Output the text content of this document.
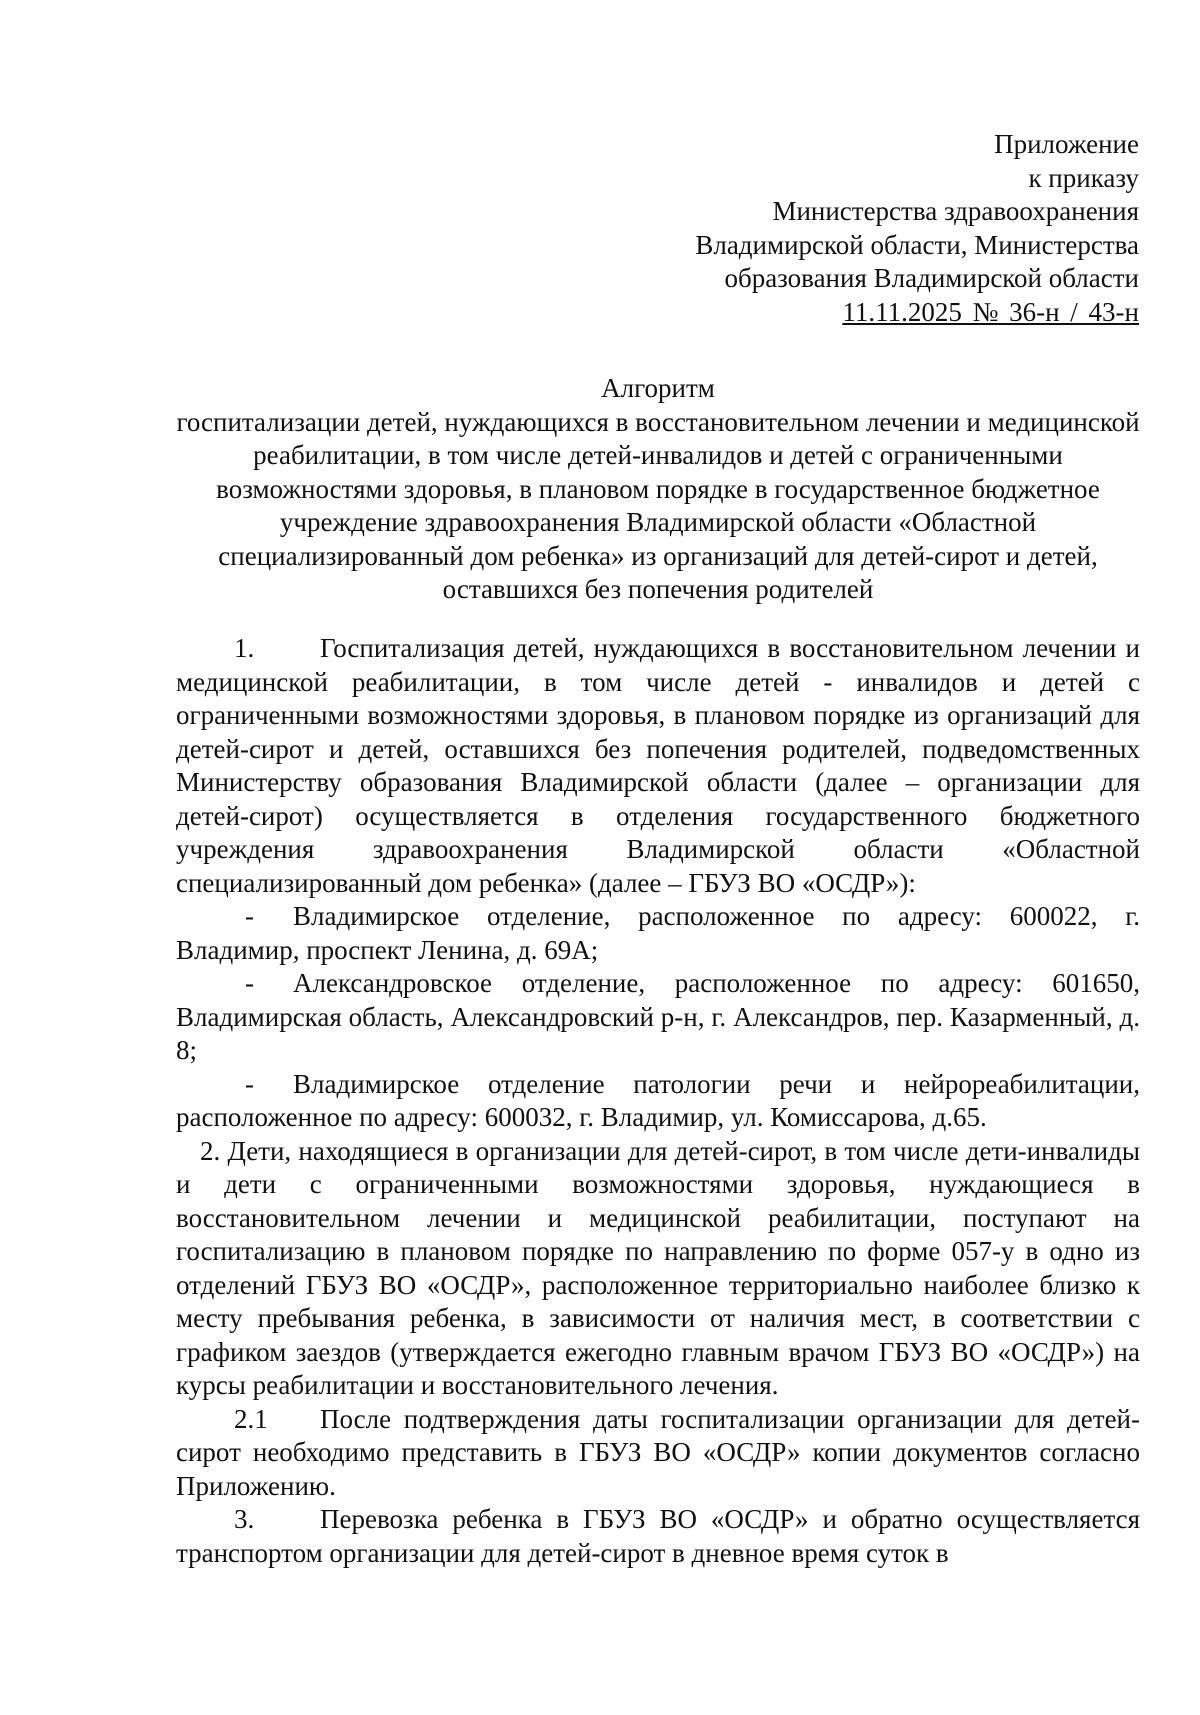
Приложение
к приказу
Министерства здравоохранения
Владимирской области, Министерства
образования Владимирской области
11.11.2025 № 36-н / 43-н
Алгоритм
госпитализации детей, нуждающихся в восстановительном лечении и медицинской реабилитации, в том числе детей-инвалидов и детей с ограниченными возможностями здоровья, в плановом порядке в государственное бюджетное учреждение здравоохранения Владимирской области «Областной специализированный дом ребенка» из организаций для детей-сирот и детей, оставшихся без попечения родителей

1. Госпитализация детей, нуждающихся в восстановительном лечении и медицинской реабилитации, в том числе детей - инвалидов и детей с ограниченными возможностями здоровья, в плановом порядке из организаций для детей-сирот и детей, оставшихся без попечения родителей, подведомственных Министерству образования Владимирской области (далее – организации для детей-сирот) осуществляется в отделения государственного бюджетного учреждения здравоохранения Владимирской области «Областной специализированный дом ребенка» (далее – ГБУЗ ВО «ОСДР»):

- Владимирское отделение, расположенное по адресу: 600022, г. Владимир, проспект Ленина, д. 69А;

- Александровское отделение, расположенное по адресу: 601650, Владимирская область, Александровский р-н, г. Александров, пер. Казарменный, д. 8;

- Владимирское отделение патологии речи и нейрореабилитации, расположенное по адресу: 600032, г. Владимир, ул. Комиссарова, д.65.

2. Дети, находящиеся в организации для детей-сирот, в том числе дети-инвалиды и дети с ограниченными возможностями здоровья, нуждающиеся в восстановительном лечении и медицинской реабилитации, поступают на госпитализацию в плановом порядке по направлению по форме 057-у в одно из отделений ГБУЗ ВО «ОСДР», расположенное территориально наиболее близко к месту пребывания ребенка, в зависимости от наличия мест, в соответствии с графиком заездов (утверждается ежегодно главным врачом ГБУЗ ВО «ОСДР») на курсы реабилитации и восстановительного лечения.

2.1 После подтверждения даты госпитализации организации для детей-сирот необходимо представить в ГБУЗ ВО «ОСДР» копии документов согласно Приложению.

3. Перевозка ребенка в ГБУЗ ВО «ОСДР» и обратно осуществляется транспортом организации для детей-сирот в дневное время суток в
